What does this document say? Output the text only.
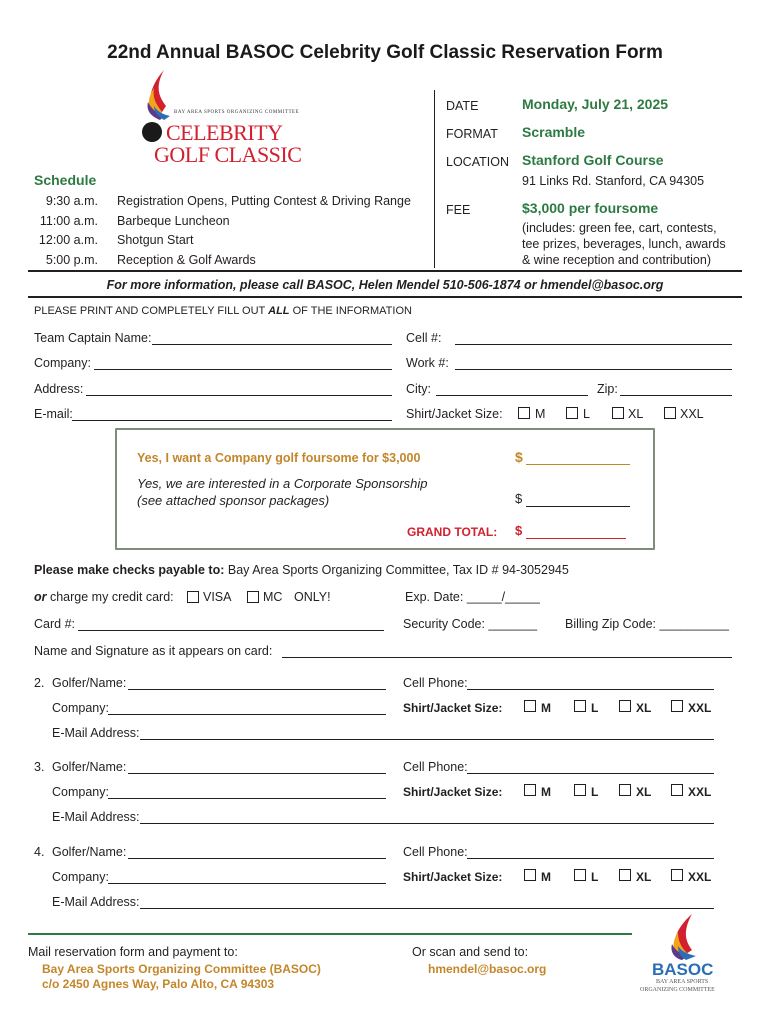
22nd Annual BASOC Celebrity Golf Classic Reservation Form
BAY AREA SPORTS ORGANIZING COMMITTEE
CELEBRITY
GOLF CLASSIC
DATE	Monday, July 21, 2025
FORMAT Scramble
LOCATION Stanford Golf Course
91 Links Rd. Stanford, CA 94305
FEE	$3,000 per foursome
(includes: green fee, cart, contests,
tee prizes, beverages, lunch, awards
& wine reception and contribution)
Schedule
9:30 a.m. Registration Opens, Putting Contest & Driving Range
11:00 a.m. Barbeque Luncheon
12:00 a.m. Shotgun Start
5:00 p.m. Reception & Golf Awards
For more information, please call BASOC, Helen Mendel 510-506-1874 or hmendel@basoc.org
PLEASE PRINT AND COMPLETELY FILL OUT ALL OF THE INFORMATION
Team Captain Name:	Cell #:
Company:	Work #:
Address:	City:	Zip:
E-mail:	Shirt/Jacket Size:	M	L	XL	XXL
Yes, I want a Company golf foursome for $3,000	$
Yes, we are interested in a Corporate Sponsorship
(see attached sponsor packages)	$
GRAND TOTAL: $
Please make checks payable to: Bay Area Sports Organizing Committee, Tax ID # 94-3052945
or charge my credit card: VISA	MC ONLY!	Exp. Date: _____/_____
Card #:	Security Code: _______ Billing Zip Code: __________
Name and Signature as it appears on card:
2. Golfer/Name:	Cell Phone:
Company:	Shirt/Jacket Size:	M	L	XL	XXL
E-Mail Address:
3. Golfer/Name:	Cell Phone:
Company:	Shirt/Jacket Size:	M	L	XL	XXL
E-Mail Address:
4. Golfer/Name:	Cell Phone:
Company:	Shirt/Jacket Size:	M	L	XL	XXL
E-Mail Address:
Mail reservation form and payment to:
Bay Area Sports Organizing Committee (BASOC)
c/o 2450 Agnes Way, Palo Alto, CA 94303
Or scan and send to:
hmendel@basoc.org	BASOC
BAY AREA SPORTS
ORGANIZING COMMITTEE
